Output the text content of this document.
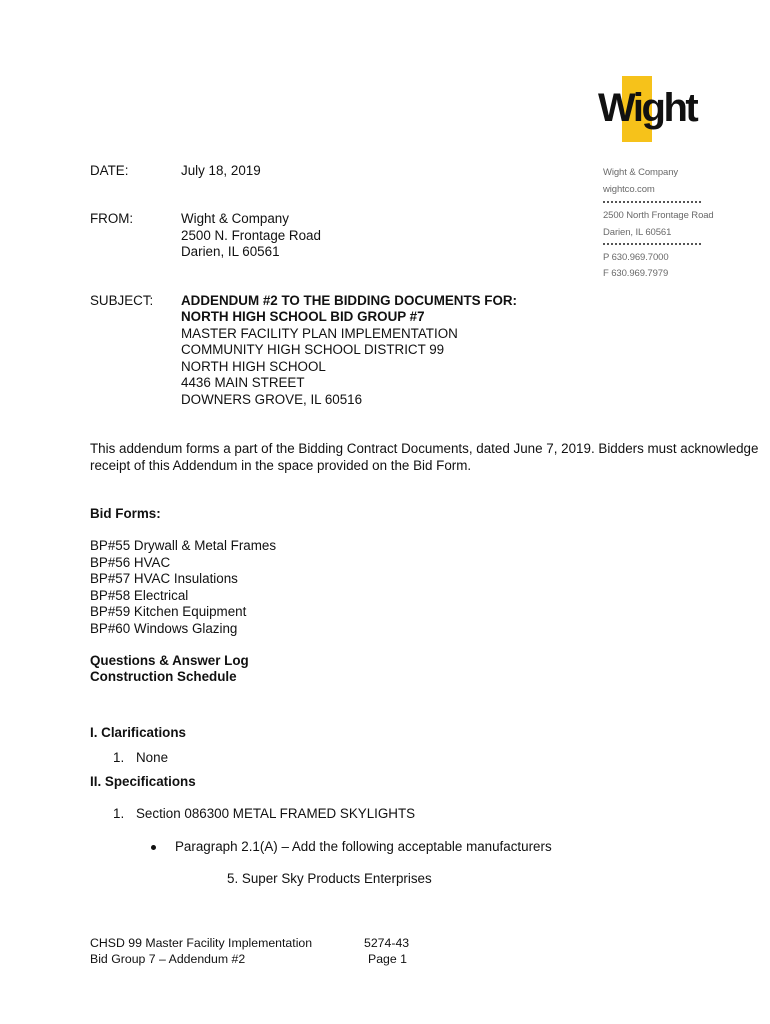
Wight
Wight & Company
wightco.com
2500 North Frontage Road
Darien, IL 60561
P 630.969.7000
F 630.969.7979
DATE:	July 18, 2019
FROM:	Wight & Company
2500 N. Frontage Road
Darien, IL 60561
SUBJECT: ADDENDUM #2 TO THE BIDDING DOCUMENTS FOR:
NORTH HIGH SCHOOL BID GROUP #7
MASTER FACILITY PLAN IMPLEMENTATION
COMMUNITY HIGH SCHOOL DISTRICT 99
NORTH HIGH SCHOOL
4436 MAIN STREET
DOWNERS GROVE, IL 60516
This addendum forms a part of the Bidding Contract Documents, dated June 7, 2019. Bidders must acknowledge
receipt of this Addendum in the space provided on the Bid Form.
Bid Forms:
BP#55 Drywall & Metal Frames
BP#56 HVAC
BP#57 HVAC Insulations
BP#58 Electrical
BP#59 Kitchen Equipment
BP#60 Windows Glazing
Questions & Answer Log
Construction Schedule
I. Clarifications
1. None
II. Specifications
1. Section 086300 METAL FRAMED SKYLIGHTS
Paragraph 2.1(A) – Add the following acceptable manufacturers
5. Super Sky Products Enterprises
CHSD 99 Master Facility Implementation
Bid Group 7 – Addendum #2
5274-43
Page 1
